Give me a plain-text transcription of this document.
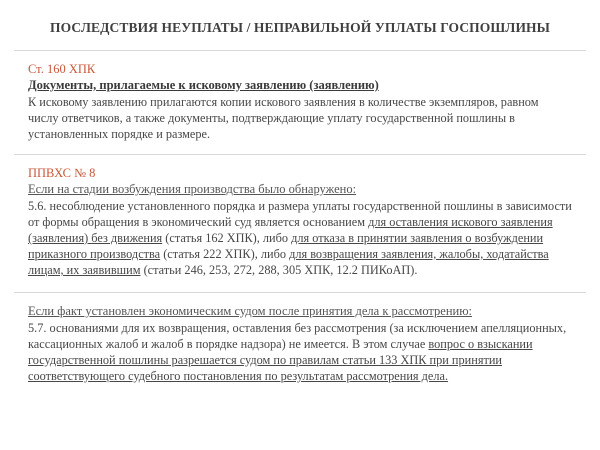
ПОСЛЕДСТВИЯ НЕУПЛАТЫ / НЕПРАВИЛЬНОЙ УПЛАТЫ ГОСПОШЛИНЫ

Ст. 160 ХПК

Документы, прилагаемые к исковому заявлению (заявлению)

К исковому заявлению прилагаются копии искового заявления в количестве экземпляров, равном числу ответчиков, а также документы, подтверждающие уплату государственной пошлины в установленных порядке и размере.

ППВХС № 8

Если на стадии возбуждения производства было обнаружено:

5.6. несоблюдение установленного порядка и размера уплаты государственной пошлины в зависимости от формы обращения в экономический суд является основанием для оставления искового заявления (заявления) без движения (статья 162 ХПК), либо для отказа в принятии заявления о возбуждении приказного производства (статья 222 ХПК), либо для возвращения заявления, жалобы, ходатайства лицам, их заявившим (статьи 246, 253, 272, 288, 305 ХПК, 12.2 ПИКоАП).

Если факт установлен экономическим судом после принятия дела к рассмотрению:

5.7. основаниями для их возвращения, оставления без рассмотрения (за исключением апелляционных, кассационных жалоб и жалоб в порядке надзора) не имеется. В этом случае вопрос о взыскании государственной пошлины разрешается судом по правилам статьи 133 ХПК при принятии соответствующего судебного постановления по результатам рассмотрения дела.
